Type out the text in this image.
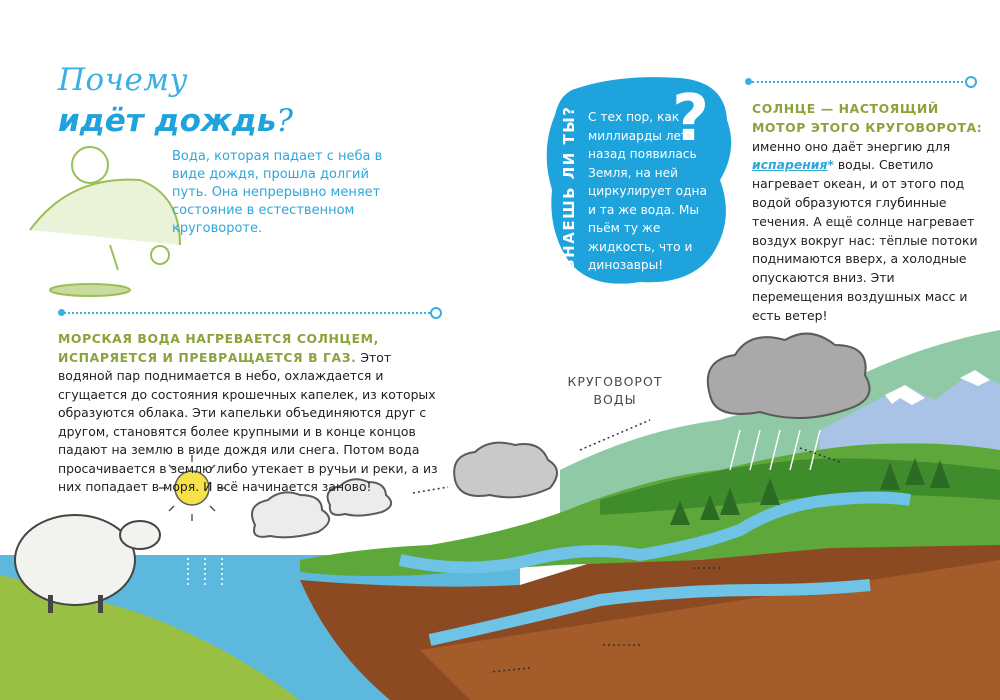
Почему
идёт дождь?
Вода, которая падает с неба в виде дождя, прошла долгий путь. Она непрерывно меняет состояние в естественном круговороте.
МОРСКАЯ ВОДА НАГРЕВАЕТСЯ СОЛНЦЕМ, ИСПАРЯЕТСЯ И ПРЕВРАЩАЕТСЯ В ГАЗ. Этот водяной пар поднимается в небо, охлаждается и сгущается до состояния крошечных капелек, из которых образуются облака. Эти капельки объединяются друг с другом, становятся более крупными и в конце концов падают на землю в виде дождя или снега. Потом вода просачивается в землю либо утекает в ручьи и реки, а из них попадает в моря. И всё начинается заново!
?
ЗНАЕШЬ ЛИ ТЫ? С тех пор, как миллиарды лет назад появилась Земля, на ней циркулирует одна и та же вода. Мы пьём ту же жидкость, что и динозавры!
СОЛНЦЕ — НАСТОЯЩИЙ МОТОР ЭТОГО КРУГОВОРОТА: именно оно даёт энергию для испарения* воды. Светило нагревает океан, и от этого под водой образуются глубинные течения. А ещё солнце нагревает воздух вокруг нас: тёплые потоки поднимаются вверх, а холодные опускаются вниз. Эти перемещения воздушных масс и есть ветер!
КРУГОВОРОТ
ВОДЫ
